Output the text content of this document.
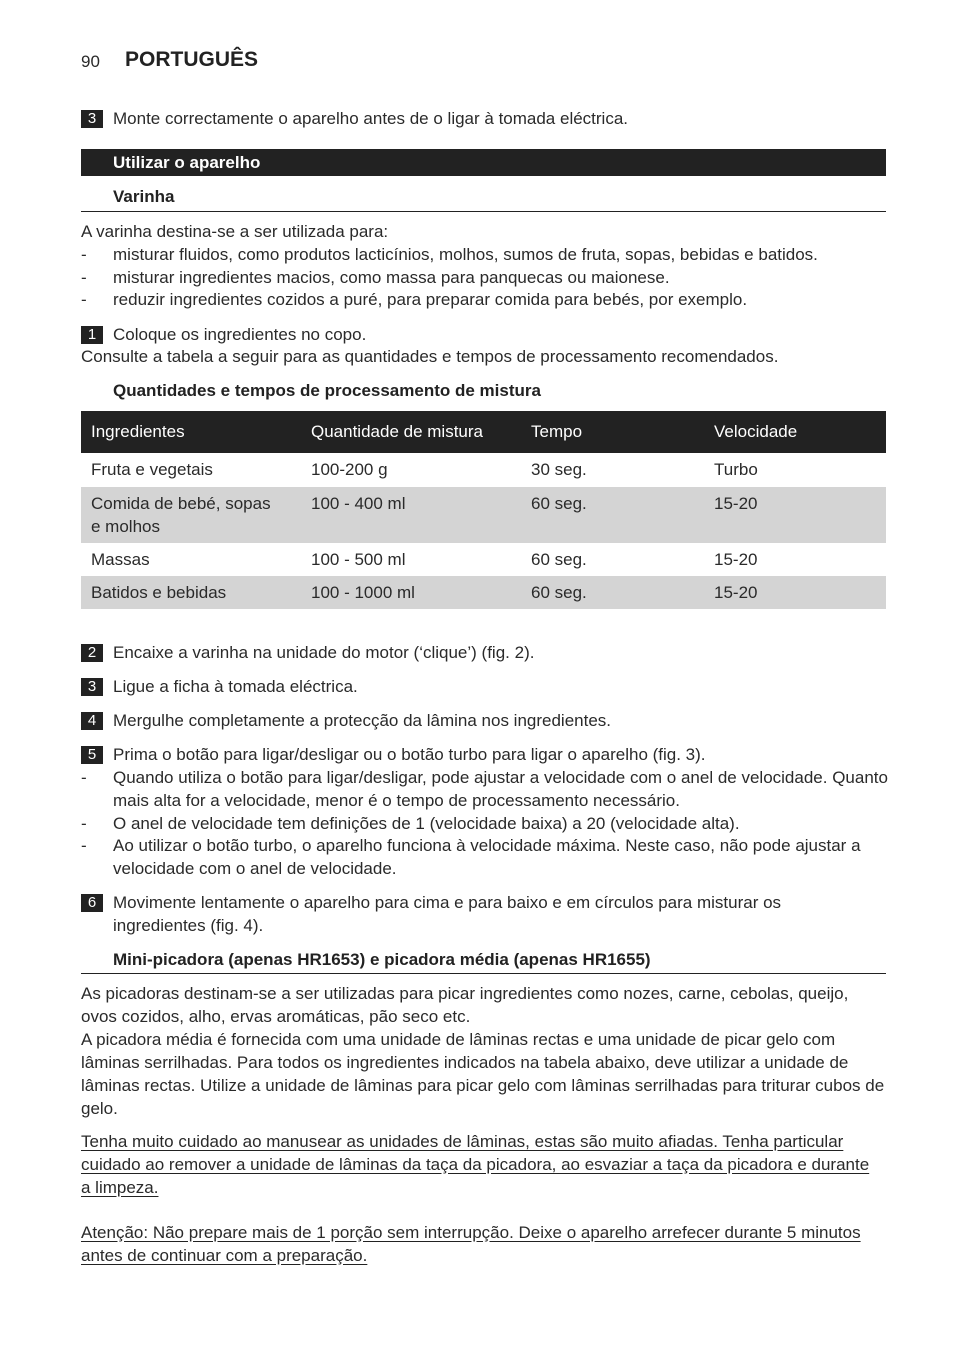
90 PORTUGUÊS
3 Monte correctamente o aparelho antes de o ligar à tomada eléctrica.
Utilizar o aparelho
Varinha
A varinha destina-se a ser utilizada para:
- misturar fluidos, como produtos lacticínios, molhos, sumos de fruta, sopas, bebidas e batidos.
- misturar ingredientes macios, como massa para panquecas ou maionese.
- reduzir ingredientes cozidos a puré, para preparar comida para bebés, por exemplo.
1 Coloque os ingredientes no copo.
Consulte a tabela a seguir para as quantidades e tempos de processamento recomendados.
Quantidades e tempos de processamento de mistura
Ingredientes	Quantidade de mistura	Tempo	Velocidade
Fruta e vegetais	100-200 g	30 seg.	Turbo
Comida de bebé, sopas e molhos	100 - 400 ml	60 seg.	15-20
Massas	100 - 500 ml	60 seg.	15-20
Batidos e bebidas	100 - 1000 ml	60 seg.	15-20
2 Encaixe a varinha na unidade do motor (‘clique’) (fig. 2).
3 Ligue a ficha à tomada eléctrica.
4 Mergulhe completamente a protecção da lâmina nos ingredientes.
5 Prima o botão para ligar/desligar ou o botão turbo para ligar o aparelho (fig. 3).
- Quando utiliza o botão para ligar/desligar, pode ajustar a velocidade com o anel de velocidade. Quanto mais alta for a velocidade, menor é o tempo de processamento necessário.
- O anel de velocidade tem definições de 1 (velocidade baixa) a 20 (velocidade alta).
- Ao utilizar o botão turbo, o aparelho funciona à velocidade máxima. Neste caso, não pode ajustar a velocidade com o anel de velocidade.
6 Movimente lentamente o aparelho para cima e para baixo e em círculos para misturar os ingredientes (fig. 4).
Mini-picadora (apenas HR1653) e picadora média (apenas HR1655)
As picadoras destinam-se a ser utilizadas para picar ingredientes como nozes, carne, cebolas, queijo, ovos cozidos, alho, ervas aromáticas, pão seco etc.
A picadora média é fornecida com uma unidade de lâminas rectas e uma unidade de picar gelo com lâminas serrilhadas. Para todos os ingredientes indicados na tabela abaixo, deve utilizar a unidade de lâminas rectas. Utilize a unidade de lâminas para picar gelo com lâminas serrilhadas para triturar cubos de gelo.
Tenha muito cuidado ao manusear as unidades de lâminas, estas são muito afiadas. Tenha particular cuidado ao remover a unidade de lâminas da taça da picadora, ao esvaziar a taça da picadora e durante a limpeza.
Atenção: Não prepare mais de 1 porção sem interrupção. Deixe o aparelho arrefecer durante 5 minutos antes de continuar com a preparação.
